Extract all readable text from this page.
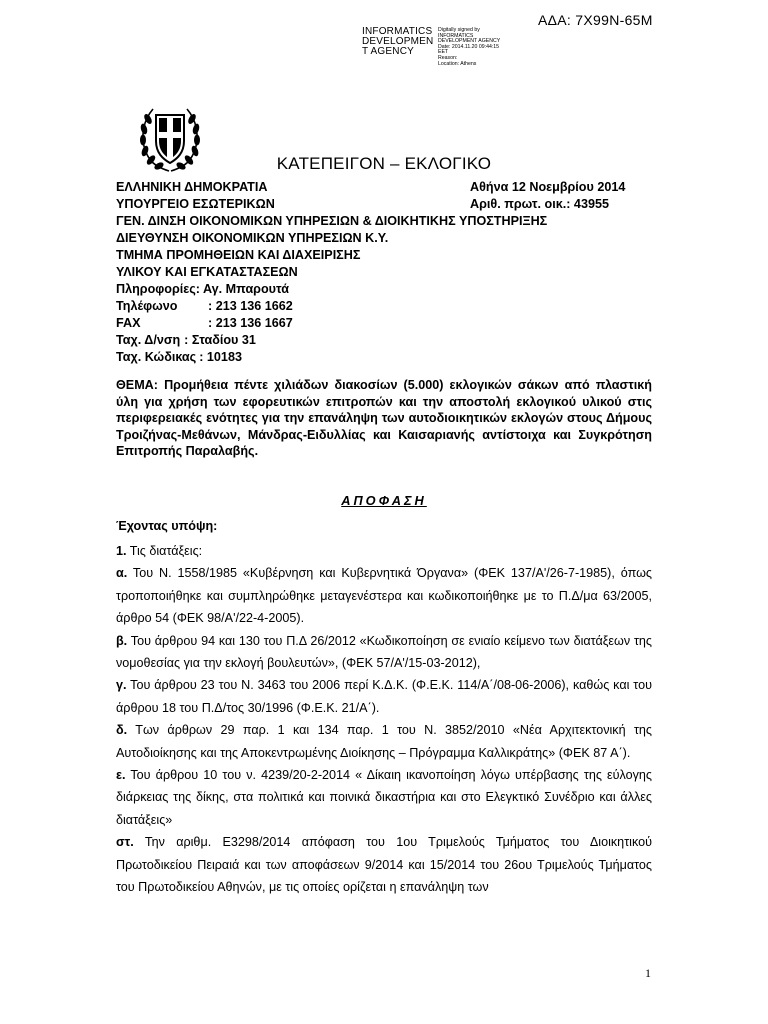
ΑΔΑ: 7Χ99Ν-65Μ
INFORMATICS
DEVELOPMEN
T AGENCY
Digitally signed by
INFORMATICS
DEVELOPMENT AGENCY
Date: 2014.11.20 09:44:15
EET
Reason:
Location: Athens
ΚΑΤΕΠΕΙΓΟΝ – ΕΚΛΟΓΙΚΟ
ΕΛΛΗΝΙΚΗ ΔΗΜΟΚΡΑΤΙΑ
ΥΠΟΥΡΓΕΙΟ ΕΣΩΤΕΡΙΚΩΝ
ΓΕΝ. ΔΙΝΣΗ ΟΙΚΟΝΟΜΙΚΩΝ ΥΠΗΡΕΣΙΩΝ & ΔΙΟΙΚΗΤΙΚΗΣ ΥΠΟΣΤΗΡΙΞΗΣ
ΔΙΕΥΘΥΝΣΗ ΟΙΚΟΝΟΜΙΚΩΝ ΥΠΗΡΕΣΙΩΝ Κ.Υ.
ΤΜΗΜΑ ΠΡΟΜΗΘΕΙΩΝ ΚΑΙ ΔΙΑΧΕΙΡΙΣΗΣ
ΥΛΙΚΟΥ ΚΑΙ ΕΓΚΑΤΑΣΤΑΣΕΩΝ
Αθήνα 12 Νοεμβρίου 2014
Αριθ. πρωτ. οικ.: 43955
Πληροφορίες: Αγ. Μπαρουτά
Τηλέφωνο : 213 136 1662
FAX	: 213 136 1667
Ταχ. Δ/νση : Σταδίου 31
Ταχ. Κώδικας : 10183
ΘΕΜΑ: Προμήθεια πέντε χιλιάδων διακοσίων (5.000) εκλογικών σάκων από πλαστική ύλη για χρήση των εφορευτικών επιτροπών και την αποστολή εκλογικού υλικού στις περιφερειακές ενότητες για την επανάληψη των αυτοδιοικητικών εκλογών στους Δήμους Τροιζήνας-Μεθάνων, Μάνδρας-Ειδυλλίας και Καισαριανής αντίστοιχα και Συγκρότηση Επιτροπής Παραλαβής.
ΑΠΟΦΑΣΗ
Έχοντας υπόψη:
1. Τις διατάξεις:
α. Του Ν. 1558/1985 «Κυβέρνηση και Κυβερνητικά Όργανα» (ΦΕΚ 137/Α'/26-7-1985), όπως τροποποιήθηκε και συμπληρώθηκε μεταγενέστερα και κωδικοποιήθηκε με το Π.Δ/μα 63/2005, άρθρο 54 (ΦΕΚ 98/Α'/22-4-2005).
β. Του άρθρου 94 και 130 του Π.Δ 26/2012 «Κωδικοποίηση σε ενιαίο κείμενο των διατάξεων της νομοθεσίας για την εκλογή βουλευτών», (ΦΕΚ 57/Α'/15-03-2012),
γ. Του άρθρου 23 του Ν. 3463 του 2006 περί Κ.Δ.Κ. (Φ.Ε.Κ. 114/Α΄/08-06-2006), καθώς και του άρθρου 18 του Π.Δ/τος 30/1996 (Φ.Ε.Κ. 21/Α΄).
δ. Των άρθρων 29 παρ. 1 και 134 παρ. 1 του Ν. 3852/2010 «Νέα Αρχιτεκτονική της Αυτοδιοίκησης και της Αποκεντρωμένης Διοίκησης – Πρόγραμμα Καλλικράτης» (ΦΕΚ 87 Α΄).
ε. Του άρθρου 10 του ν. 4239/20-2-2014 « Δίκαιη ικανοποίηση λόγω υπέρβασης της εύλογης διάρκειας της δίκης, στα πολιτικά και ποινικά δικαστήρια και στο Ελεγκτικό Συνέδριο και άλλες διατάξεις»
στ. Την αριθμ. Ε3298/2014 απόφαση του 1ου Τριμελούς Τμήματος του Διοικητικού Πρωτοδικείου Πειραιά και των αποφάσεων 9/2014 και 15/2014 του 26ου Τριμελούς Τμήματος του Πρωτοδικείου Αθηνών, με τις οποίες ορίζεται η επανάληψη των
1
